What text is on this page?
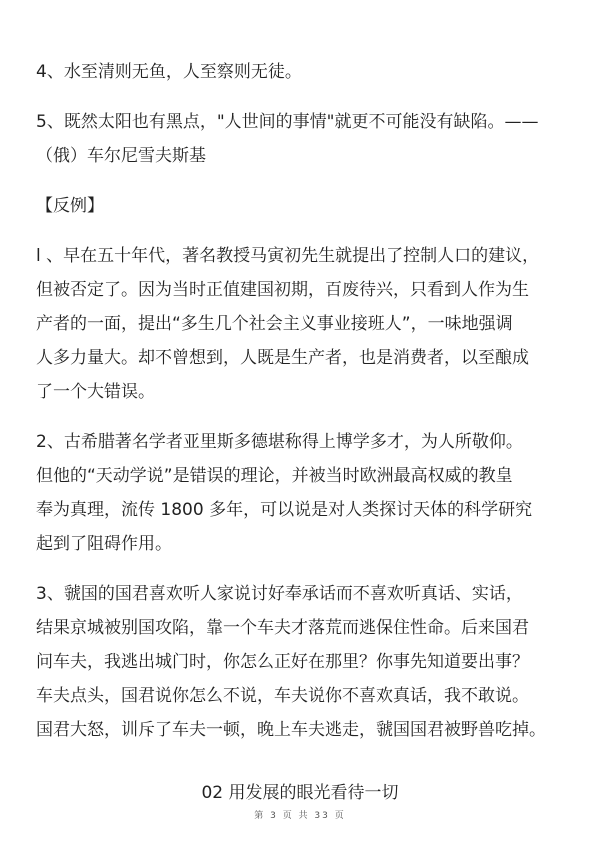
4、水至清则无鱼，人至察则无徒。
5、既然太阳也有黑点，"人世间的事情"就更不可能没有缺陷。——
（俄）车尔尼雪夫斯基
【反例】
l 、早在五十年代，著名教授马寅初先生就提出了控制人口的建议，
但被否定了。因为当时正值建国初期，百废待兴，只看到人作为生
产者的一面，提出“多生几个社会主义事业接班人”，一味地强调
人多力量大。却不曾想到，人既是生产者，也是消费者，以至酿成
了一个大错误。
2、古希腊著名学者亚里斯多德堪称得上博学多才，为人所敬仰。
但他的“天动学说”是错误的理论，并被当时欧洲最高权威的教皇
奉为真理，流传 1800 多年，可以说是对人类探讨天体的科学研究
起到了阻碍作用。
3、虢国的国君喜欢听人家说讨好奉承话而不喜欢听真话、实话，
结果京城被别国攻陷，靠一个车夫才落荒而逃保住性命。后来国君
问车夫，我逃出城门时，你怎么正好在那里？你事先知道要出事？
车夫点头，国君说你怎么不说，车夫说你不喜欢真话，我不敢说。
国君大怒，训斥了车夫一顿，晚上车夫逃走，虢国国君被野兽吃掉。
02 用发展的眼光看待一切
第 3 页 共 33 页
